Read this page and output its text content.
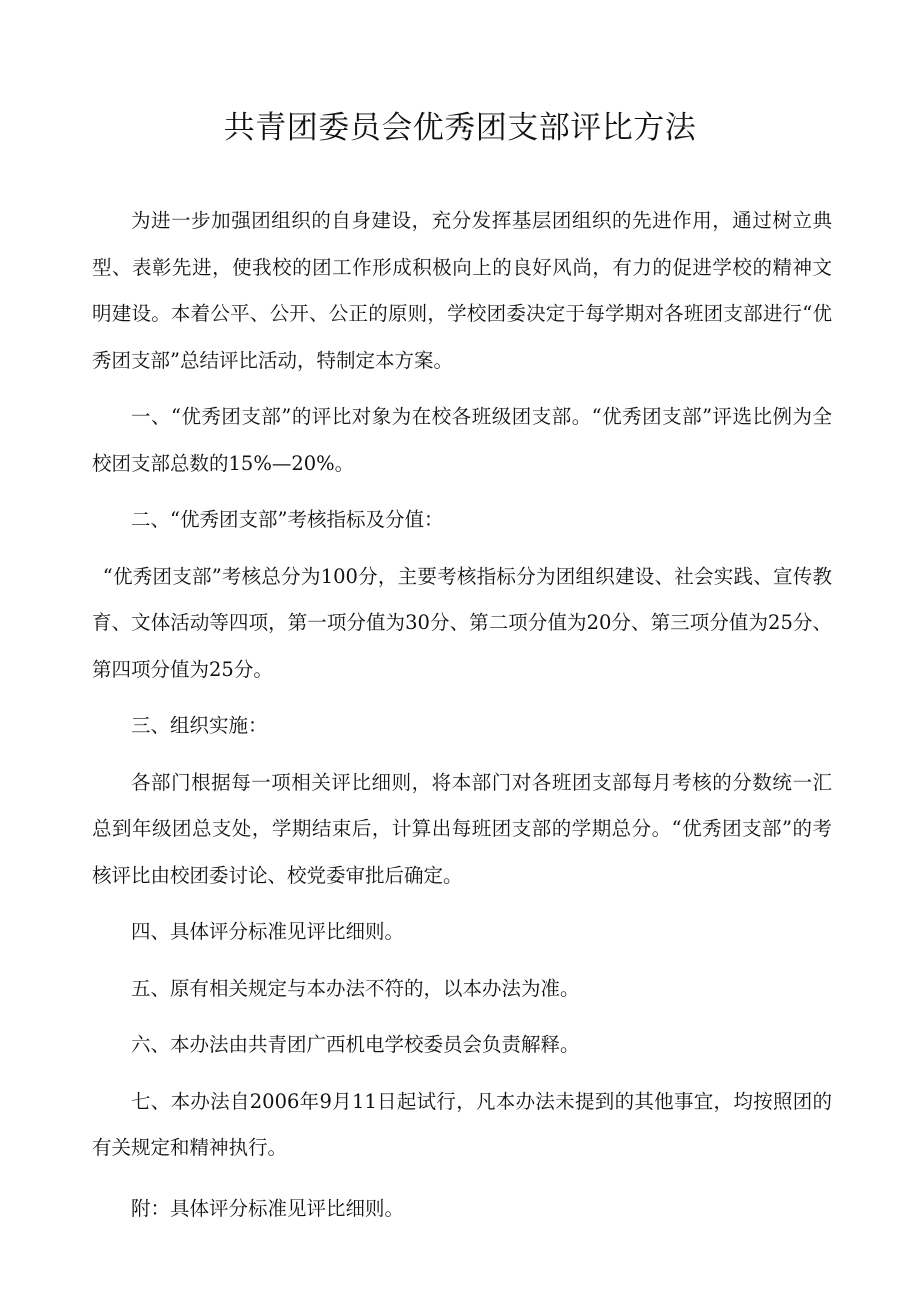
共青团委员会优秀团支部评比方法

为进一步加强团组织的自身建设，充分发挥基层团组织的先进作用，通过树立典型、表彰先进，使我校的团工作形成积极向上的良好风尚，有力的促进学校的精神文明建设。本着公平、公开、公正的原则，学校团委决定于每学期对各班团支部进行“优秀团支部”总结评比活动，特制定本方案。

一、“优秀团支部”的评比对象为在校各班级团支部。“优秀团支部”评选比例为全校团支部总数的15%—20%。

二、“优秀团支部”考核指标及分值：

“优秀团支部”考核总分为100分，主要考核指标分为团组织建设、社会实践、宣传教育、文体活动等四项，第一项分值为30分、第二项分值为20分、第三项分值为25分、第四项分值为25分。

三、组织实施：

各部门根据每一项相关评比细则，将本部门对各班团支部每月考核的分数统一汇总到年级团总支处，学期结束后，计算出每班团支部的学期总分。“优秀团支部”的考核评比由校团委讨论、校党委审批后确定。

四、具体评分标准见评比细则。

五、原有相关规定与本办法不符的，以本办法为准。

六、本办法由共青团广西机电学校委员会负责解释。

七、本办法自2006年9月11日起试行，凡本办法未提到的其他事宜，均按照团的有关规定和精神执行。

附：具体评分标准见评比细则。
